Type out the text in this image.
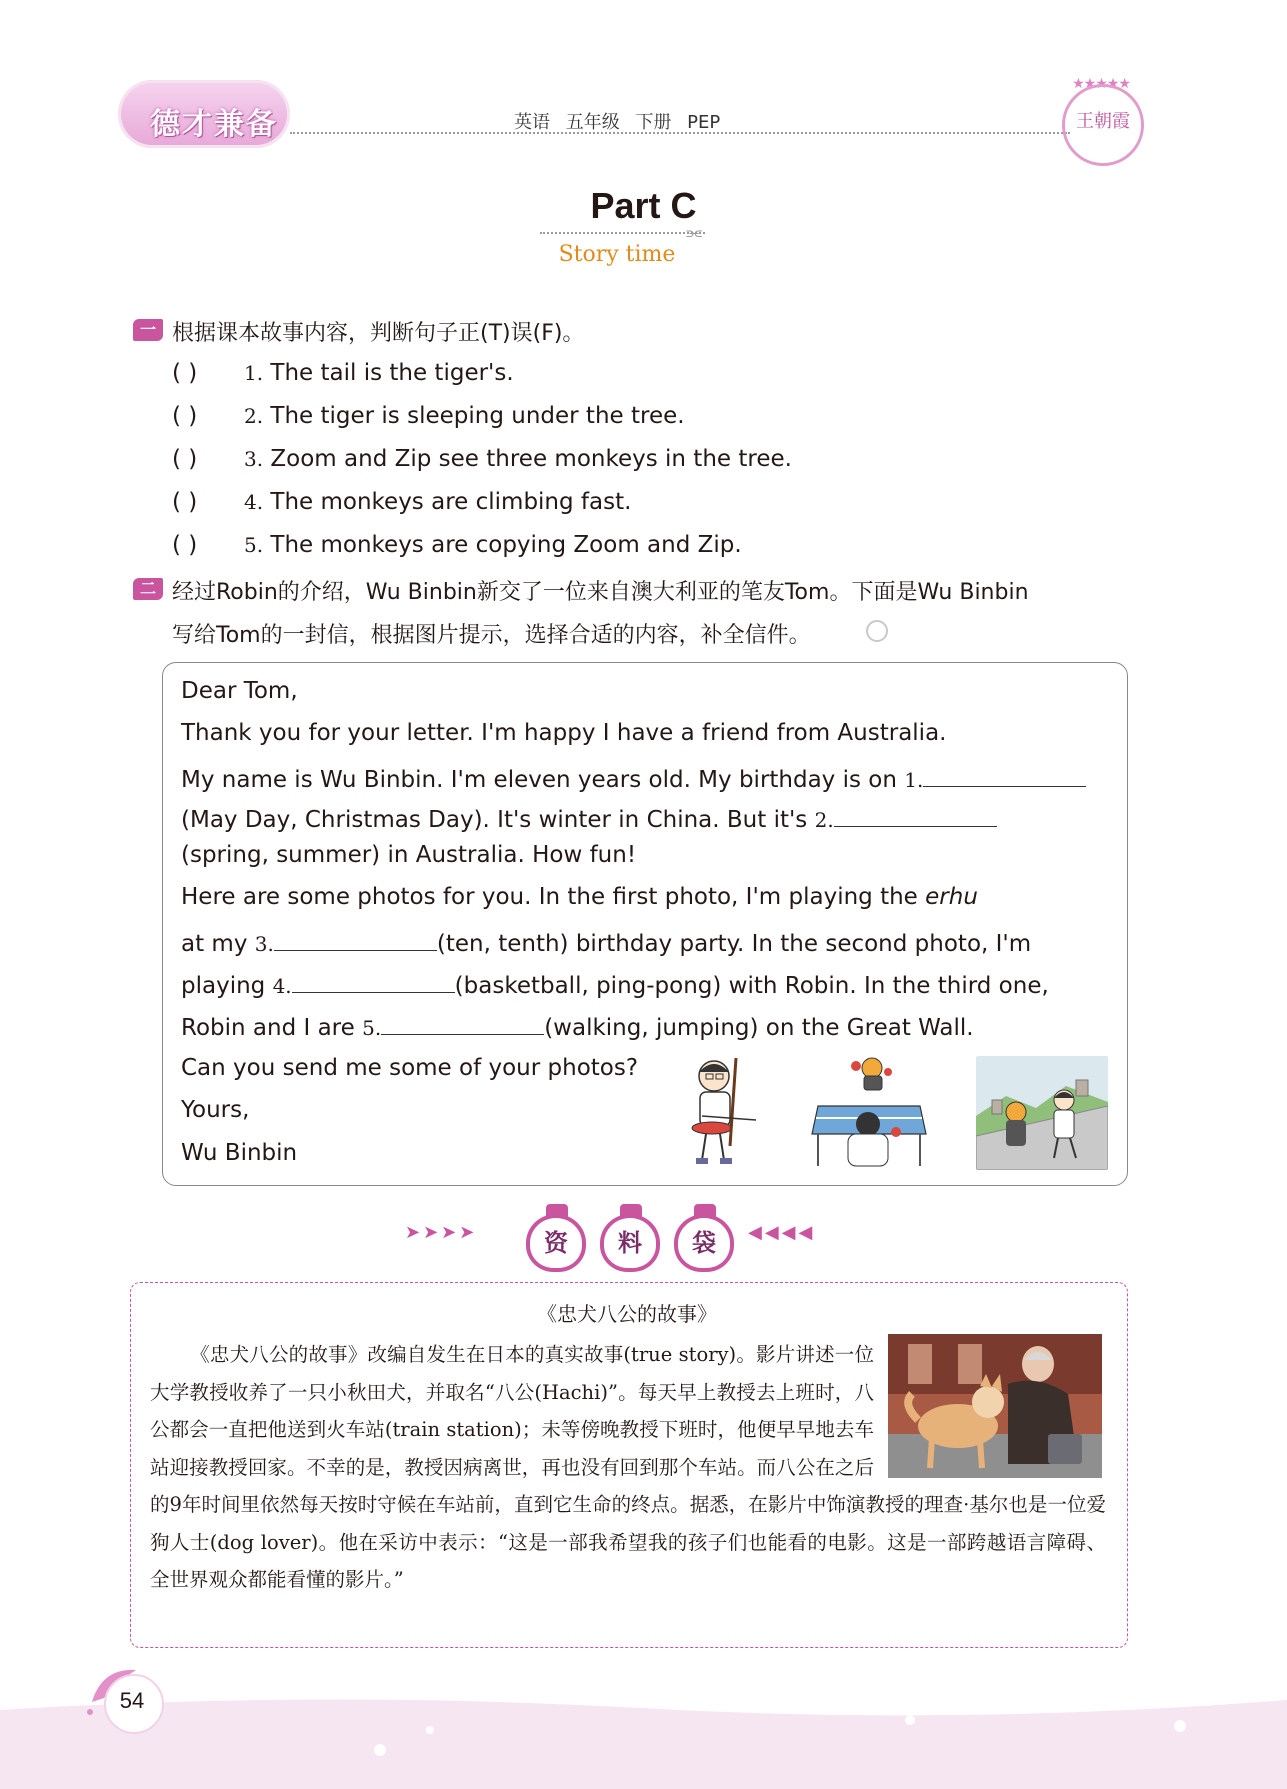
德才兼备	英语 五年级 下册 PEP
★★★★★
王朝霞
Part C
⫘
Story time
一 根据课本故事内容，判断句子正(T)误(F)。
( ) 1. The tail is the tiger's.
( ) 2. The tiger is sleeping under the tree.
( ) 3. Zoom and Zip see three monkeys in the tree.
( ) 4. The monkeys are climbing fast.
( ) 5. The monkeys are copying Zoom and Zip.
二 经过Robin的介绍，Wu Binbin新交了一位来自澳大利亚的笔友Tom。下面是Wu Binbin
写给Tom的一封信，根据图片提示，选择合适的内容，补全信件。
Dear Tom,
Thank you for your letter. I'm happy I have a friend from Australia.
My name is Wu Binbin. I'm eleven years old. My birthday is on 1.
(May Day, Christmas Day). It's winter in China. But it's 2.
(spring, summer) in Australia. How fun!
Here are some photos for you. In the first photo, I'm playing the erhu
at my 3.	(ten, tenth) birthday party. In the second photo, I'm
playing 4.	(basketball, ping-pong) with Robin. In the third one,
Robin and I are 5.	(walking, jumping) on the Great Wall.
Can you send me some of your photos?
Yours,
Wu Binbin
➤➤➤➤	◀◀◀◀
资	料	袋
《忠犬八公的故事》
《忠犬八公的故事》改编自发生在日本的真实故事(true story)。影片讲述一位大学教授收养了一只小秋田犬，并取名“八公(Hachi)”。每天早上教授去上班时，八公都会一直把他送到火车站(train station)；未等傍晚教授下班时，他便早早地去车站迎接教授回家。不幸的是，教授因病离世，再也没有回到那个车站。而八公在之后的9年时间里依然每天按时守候在车站前，直到它生命的终点。据悉，在影片中饰演教授的理查·基尔也是一位爱狗人士(dog lover)。他在采访中表示：“这是一部我希望我的孩子们也能看的电影。这是一部跨越语言障碍、全世界观众都能看懂的影片。”
54
